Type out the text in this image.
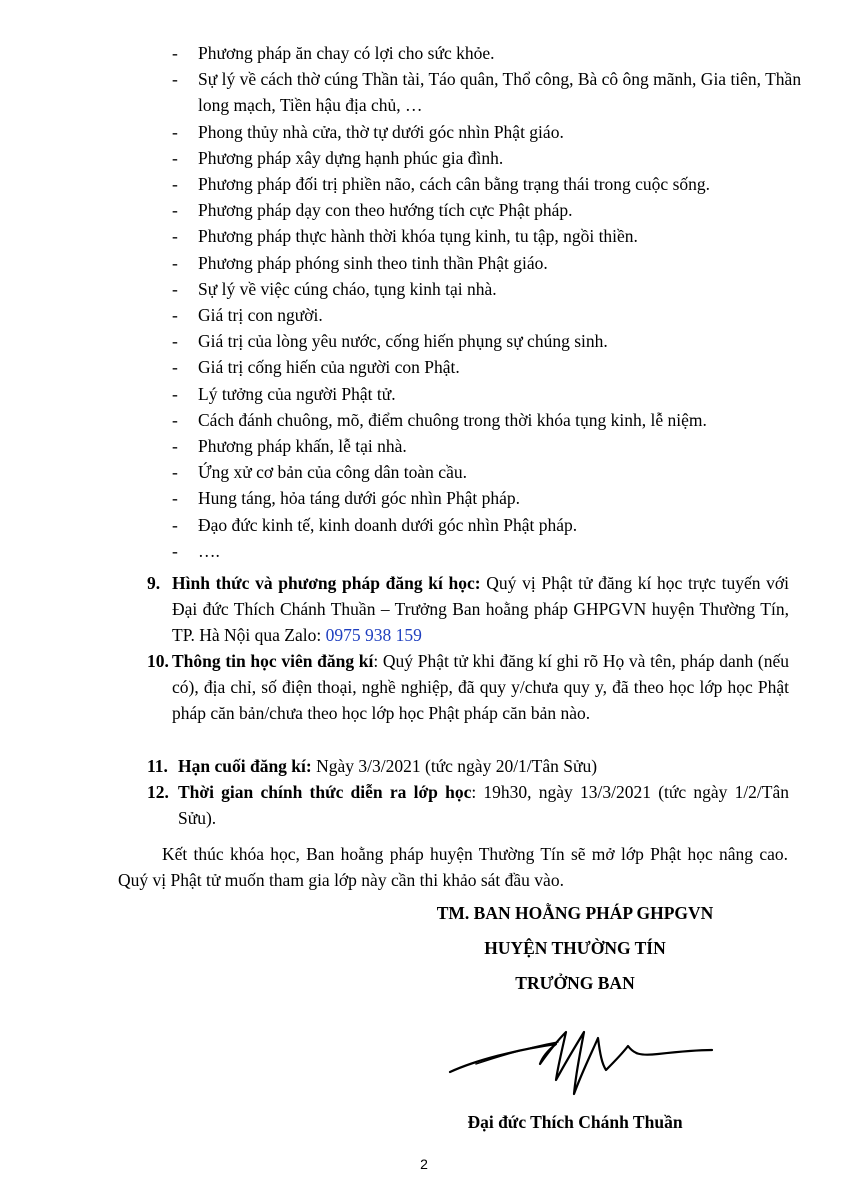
- Phương pháp ăn chay có lợi cho sức khỏe.
- Sự lý về cách thờ cúng Thần tài, Táo quân, Thổ công, Bà cô ông mãnh, Gia tiên, Thần long mạch, Tiền hậu địa chủ, …
- Phong thủy nhà cửa, thờ tự dưới góc nhìn Phật giáo.
- Phương pháp xây dựng hạnh phúc gia đình.
- Phương pháp đối trị phiền não, cách cân bằng trạng thái trong cuộc sống.
- Phương pháp dạy con theo hướng tích cực Phật pháp.
- Phương pháp thực hành thời khóa tụng kinh, tu tập, ngồi thiền.
- Phương pháp phóng sinh theo tinh thần Phật giáo.
- Sự lý về việc cúng cháo, tụng kinh tại nhà.
- Giá trị con người.
- Giá trị của lòng yêu nước, cống hiến phụng sự chúng sinh.
- Giá trị cống hiến của người con Phật.
- Lý tưởng của người Phật tử.
- Cách đánh chuông, mõ, điểm chuông trong thời khóa tụng kinh, lễ niệm.
- Phương pháp khấn, lễ tại nhà.
- Ứng xử cơ bản của công dân toàn cầu.
- Hung táng, hỏa táng dưới góc nhìn Phật pháp.
- Đạo đức kinh tế, kinh doanh dưới góc nhìn Phật pháp.
- ….

9. Hình thức và phương pháp đăng kí học: Quý vị Phật tử đăng kí học trực tuyến với Đại đức Thích Chánh Thuần – Trưởng Ban hoằng pháp GHPGVN huyện Thường Tín, TP. Hà Nội qua Zalo: 0975 938 159

10. Thông tin học viên đăng kí: Quý Phật tử khi đăng kí ghi rõ Họ và tên, pháp danh (nếu có), địa chỉ, số điện thoại, nghề nghiệp, đã quy y/chưa quy y, đã theo học lớp học Phật pháp căn bản/chưa theo học lớp học Phật pháp căn bản nào.

11. Hạn cuối đăng kí: Ngày 3/3/2021 (tức ngày 20/1/Tân Sửu)

12. Thời gian chính thức diễn ra lớp học: 19h30, ngày 13/3/2021 (tức ngày 1/2/Tân Sửu).

Kết thúc khóa học, Ban hoằng pháp huyện Thường Tín sẽ mở lớp Phật học nâng cao. Quý vị Phật tử muốn tham gia lớp này cần thi khảo sát đầu vào.

TM. BAN HOẰNG PHÁP GHPGVN

HUYỆN THƯỜNG TÍN

TRƯỞNG BAN

Đại đức Thích Chánh Thuần

2
